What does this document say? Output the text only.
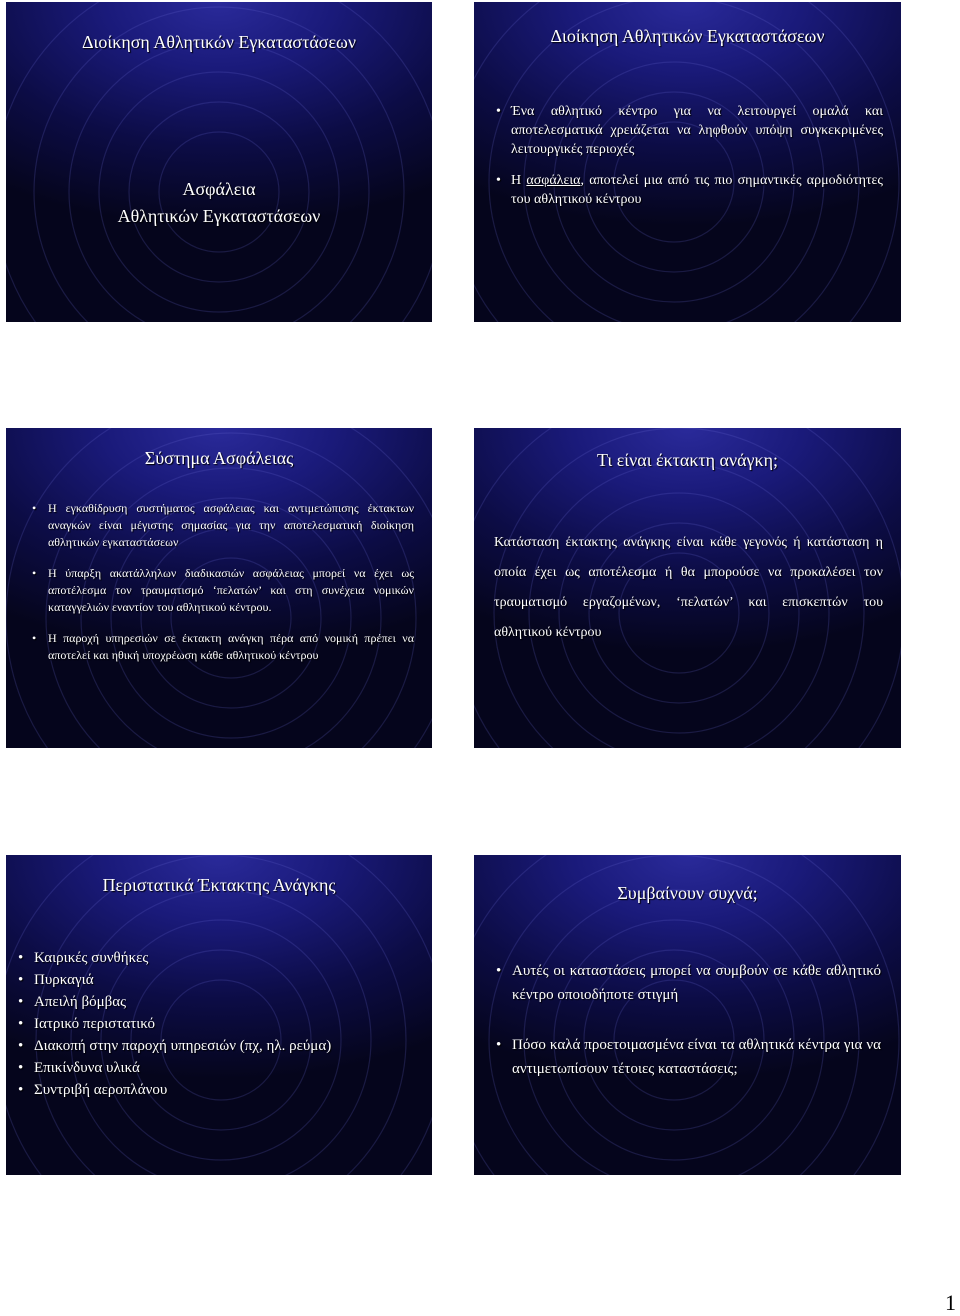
Διοίκηση Αθλητικών Εγκαταστάσεων
Ασφάλεια
Αθλητικών Εγκαταστάσεων
Διοίκηση Αθλητικών Εγκαταστάσεων
• Ένα αθλητικό κέντρο για να λειτουργεί ομαλά και αποτελεσματικά χρειάζεται να ληφθούν υπόψη συγκεκριμένες λειτουργικές περιοχές
• Η ασφάλεια, αποτελεί μια από τις πιο σημαντικές αρμοδιότητες του αθλητικού κέντρου
Σύστημα Ασφάλειας
• Η εγκαθίδρυση συστήματος ασφάλειας και αντιμετώπισης έκτακτων αναγκών είναι μέγιστης σημασίας για την αποτελεσματική διοίκηση αθλητικών εγκαταστάσεων
• Η ύπαρξη ακατάλληλων διαδικασιών ασφάλειας μπορεί να έχει ως αποτέλεσμα τον τραυματισμό ‘πελατών’ και στη συνέχεια νομικών καταγγελιών εναντίον του αθλητικού κέντρου.
• Η παροχή υπηρεσιών σε έκτακτη ανάγκη πέρα από νομική πρέπει να αποτελεί και ηθική υποχρέωση κάθε αθλητικού κέντρου
Τι είναι έκτακτη ανάγκη;
Κατάσταση έκτακτης ανάγκης είναι κάθε γεγονός ή κατάσταση η οποία έχει ως αποτέλεσμα ή θα μπορούσε να προκαλέσει τον τραυματισμό εργαζομένων, ‘πελατών’ και επισκεπτών του αθλητικού κέντρου
Περιστατικά Έκτακτης Ανάγκης
• Καιρικές συνθήκες
• Πυρκαγιά
• Απειλή βόμβας
• Ιατρικό περιστατικό
• Διακοπή στην παροχή υπηρεσιών (πχ, ηλ. ρεύμα)
• Επικίνδυνα υλικά
• Συντριβή αεροπλάνου
Συμβαίνουν συχνά;
• Αυτές οι καταστάσεις μπορεί να συμβούν σε κάθε αθλητικό κέντρο οποιοδήποτε στιγμή
• Πόσο καλά προετοιμασμένα είναι τα αθλητικά κέντρα για να αντιμετωπίσουν τέτοιες καταστάσεις;
1
